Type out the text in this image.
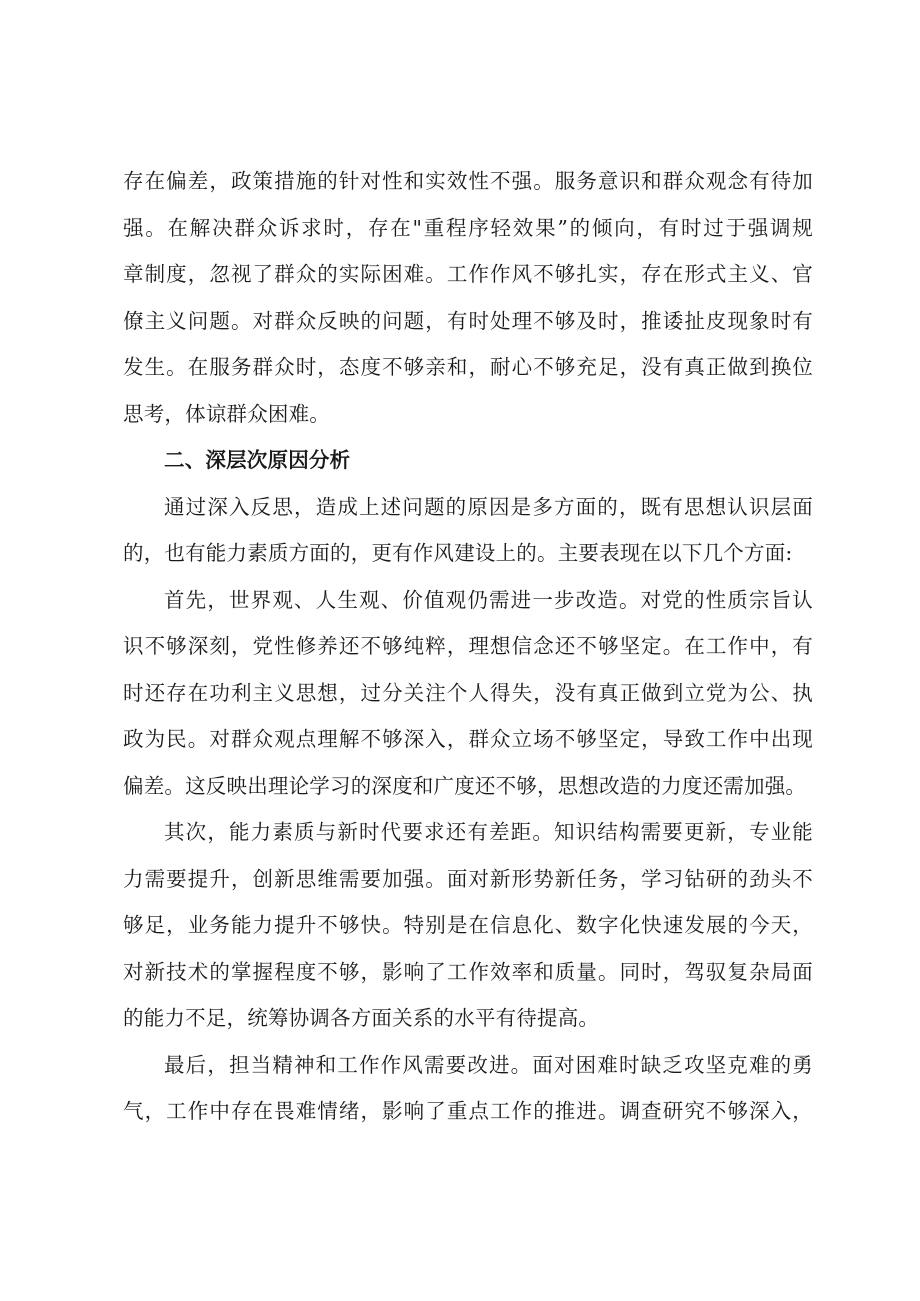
存在偏差，政策措施的针对性和实效性不强。服务意识和群众观念有待加
强。在解决群众诉求时，存在"重程序轻效果”的倾向，有时过于强调规
章制度，忽视了群众的实际困难。工作作风不够扎实，存在形式主义、官
僚主义问题。对群众反映的问题，有时处理不够及时，推诿扯皮现象时有
发生。在服务群众时，态度不够亲和，耐心不够充足，没有真正做到换位
思考，体谅群众困难。
二、深层次原因分析
通过深入反思，造成上述问题的原因是多方面的，既有思想认识层面
的，也有能力素质方面的，更有作风建设上的。主要表现在以下几个方面:
首先，世界观、人生观、价值观仍需进一步改造。对党的性质宗旨认
识不够深刻，党性修养还不够纯粹，理想信念还不够坚定。在工作中，有
时还存在功利主义思想，过分关注个人得失，没有真正做到立党为公、执
政为民。对群众观点理解不够深入，群众立场不够坚定，导致工作中出现
偏差。这反映出理论学习的深度和广度还不够，思想改造的力度还需加强。
其次，能力素质与新时代要求还有差距。知识结构需要更新，专业能
力需要提升，创新思维需要加强。面对新形势新任务，学习钻研的劲头不
够足，业务能力提升不够快。特别是在信息化、数字化快速发展的今天，
对新技术的掌握程度不够，影响了工作效率和质量。同时，驾驭复杂局面
的能力不足，统筹协调各方面关系的水平有待提高。
最后，担当精神和工作作风需要改进。面对困难时缺乏攻坚克难的勇
气，工作中存在畏难情绪，影响了重点工作的推进。调查研究不够深入，
